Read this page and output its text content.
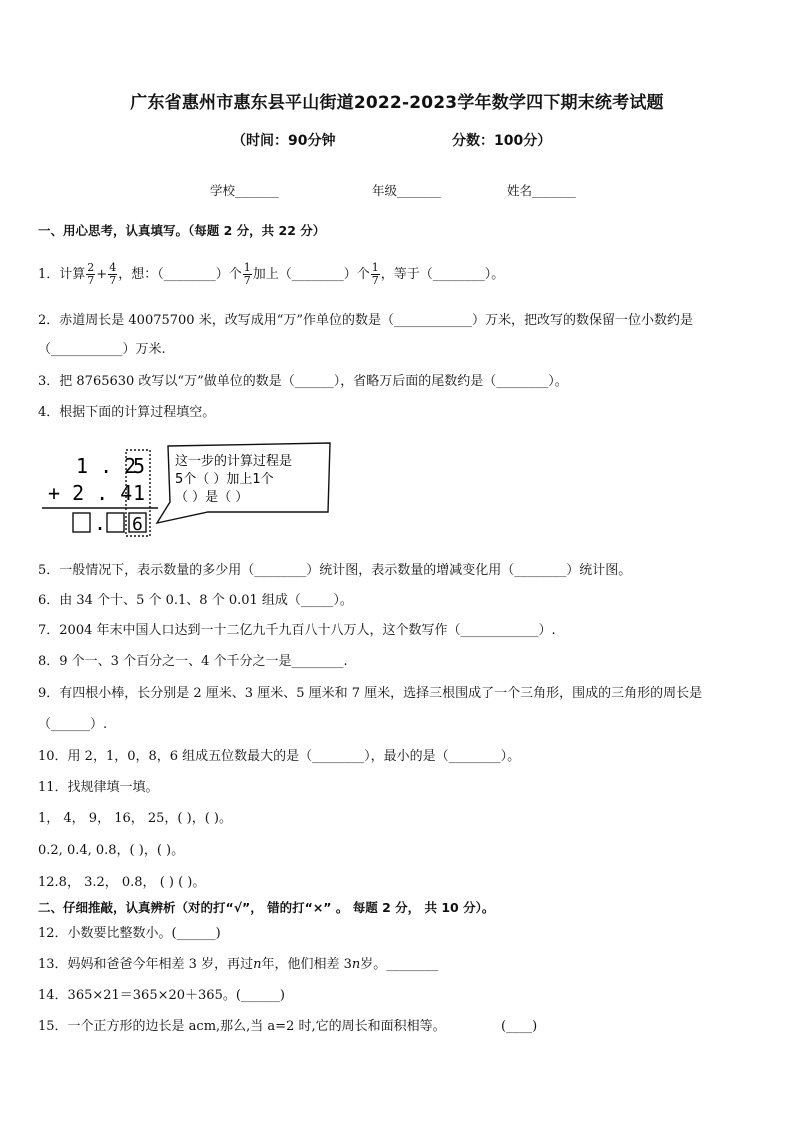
广东省惠州市惠东县平山街道2022-2023学年数学四下期末统考试题
（时间：90分钟	分数：100分）
学校_______	年级_______	姓名_______
一、用心思考，认真填写。（每题 2 分，共 22 分）
1．计算 $\frac{2}{7} + \frac{4}{7}$ ，想：（________）个 $\frac{1}{7}$ 加上（________）个 $\frac{1}{7}$ ，等于（________）。
2．赤道周长是 40075700 米，改写成用“万”作单位的数是（____________）万米，把改写的数保留一位小数约是
（___________）万米.
3．把 8765630 改写以“万”做单位的数是（______），省略万后面的尾数约是（________）。
4．根据下面的计算过程填空。
1 . 2
5
+ 2 . 4 1
. 6
这一步的计算过程是
5个（ ）加上1个
（ ）是（ ）
5．一般情况下，表示数量的多少用（________）统计图，表示数量的增减变化用（________）统计图。
6．由 34 个十、5 个 0.1、8 个 0.01 组成（_____）。
7．2004 年末中国人口达到一十二亿九千九百八十八万人，这个数写作（____________）.
8．9 个一、3 个百分之一、4 个千分之一是________.
9．有四根小棒，长分别是 2 厘米、3 厘米、5 厘米和 7 厘米，选择三根围成了一个三角形，围成的三角形的周长是
（______）.
10．用 2，1，0，8，6 组成五位数最大的是（________），最小的是（________）。
11．找规律填一填。
1， 4， 9， 16， 25，( )，( )。
0.2, 0.4, 0.8，( )，( )。
12.8， 3.2， 0.8， ( ) ( )。
二、仔细推敲，认真辨析（对的打“√”， 错的打“×” 。 每题 2 分， 共 10 分）。
12．小数要比整数小。(______)
13．妈妈和爸爸今年相差 3 岁，再过n年，他们相差 3n岁。________
14．365×21＝365×20＋365。(______)
15．一个正方形的边长是 acm,那么,当 a=2 时,它的周长和面积相等。	(____)
